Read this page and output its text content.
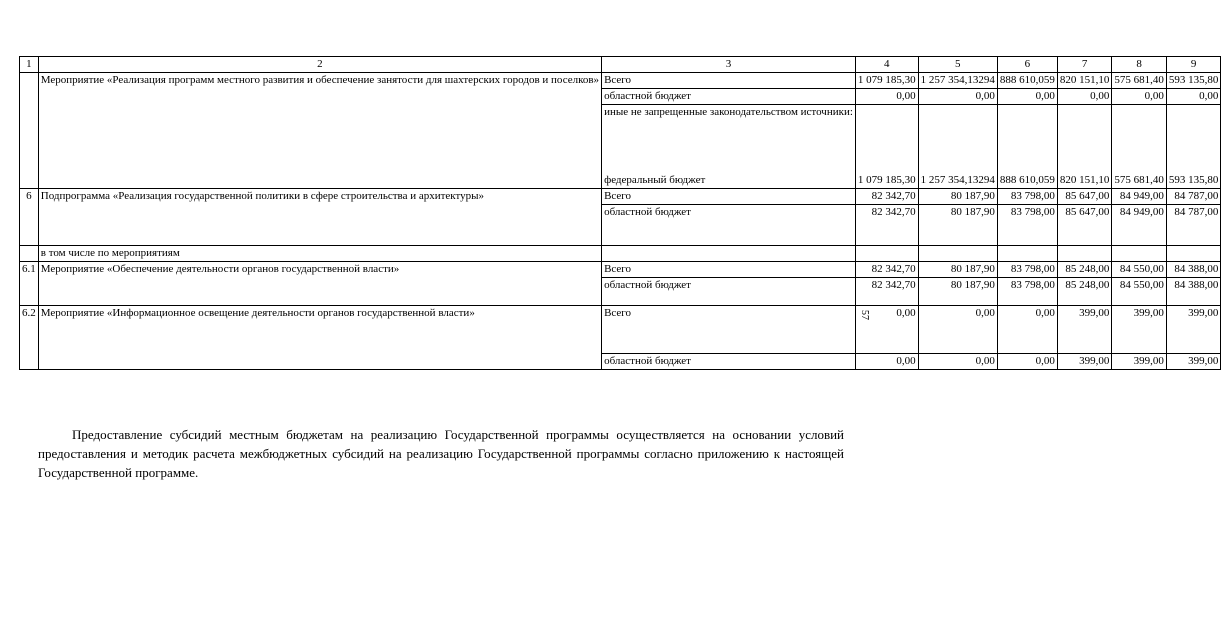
1	2	3	4	5	6	7	8	9
	Мероприятие «Реализация программ местного развития и обеспечение занятости для шахтерских городов и поселков»	Всего	1 079 185,30	1 257 354,13294	888 610,059	820 151,10	575 681,40	593 135,80
		областной бюджет	0,00	0,00	0,00	0,00	0,00	0,00
		иные не запрещенные законодательством источники:						
		федеральный бюджет	1 079 185,30	1 257 354,13294	888 610,059	820 151,10	575 681,40	593 135,80
6	Подпрограмма «Реализация государственной политики в сфере строительства и архитектуры»	Всего	82 342,70	80 187,90	83 798,00	85 647,00	84 949,00	84 787,00
		областной бюджет	82 342,70	80 187,90	83 798,00	85 647,00	84 949,00	84 787,00
	в том числе по мероприятиям							
6.1	Мероприятие «Обеспечение деятельности органов государственной власти»	Всего	82 342,70	80 187,90	83 798,00	85 248,00	84 550,00	84 388,00
		областной бюджет	82 342,70	80 187,90	83 798,00	85 248,00	84 550,00	84 388,00
6.2	Мероприятие «Информационное освещение деятельности органов государственной власти»	Всего	0,00	0,00	0,00	399,00	399,00	399,00
		областной бюджет	0,00	0,00	0,00	399,00	399,00	399,00
57

Предоставление субсидий местным бюджетам на реализацию Государственной программы осуществляется на основании условий предоставления и методик расчета межбюджетных субсидий на реализацию Государственной программы согласно приложению к настоящей Государственной программе.
